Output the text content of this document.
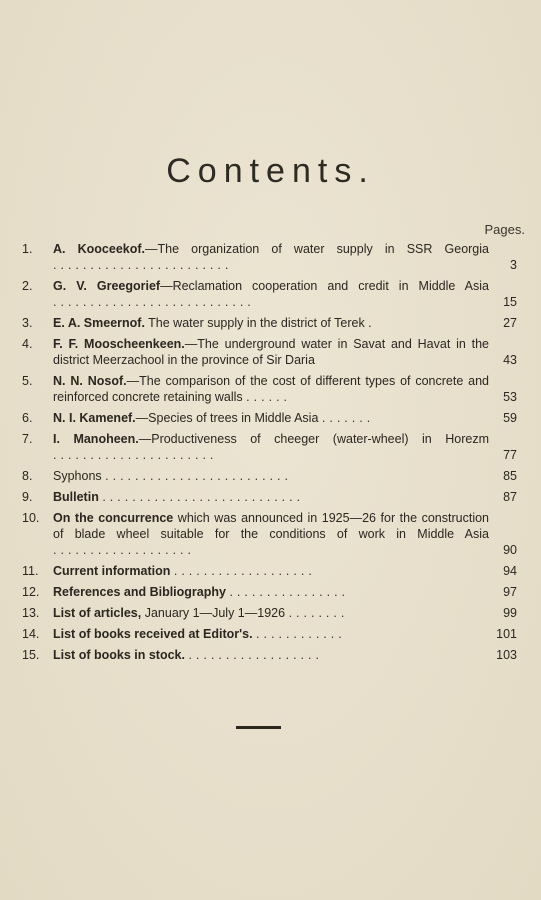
Contents.
Pages.
1.	A. Kooceekof.—The organization of water supply in SSR Georgia ........................	3
2.	G. V. Greegorief—Reclamation cooperation and credit in Middle Asia ...........................	15
3.	E. A. Smeernof. The water supply in the district of Terek .	27
4.	F. F. Mooscheenkeen.—The underground water in Savat and Havat in the district Meerzachool in the province of Sir Daria	43
5.	N. N. Nosof.—The comparison of the cost of different types of concrete and reinforced concrete retaining walls ......	53
6.	N. I. Kamenef.—Species of trees in Middle Asia .......	59
7.	I. Manoheen.—Productiveness of cheeger (water-wheel) in Horezm ......................	77
8.	Syphons .........................	85
9.	Bulletin ...........................	87
10.	On the concurrence which was announced in 1925—26 for the construction of blade wheel suitable for the conditions of work in Middle Asia ...................	90
11.	Current information ...................	94
12.	References and Bibliography ................	97
13.	List of articles, January 1—July 1—1926 ........	99
14.	List of books received at Editor's. ............	101
15.	List of books in stock. ..................	103
